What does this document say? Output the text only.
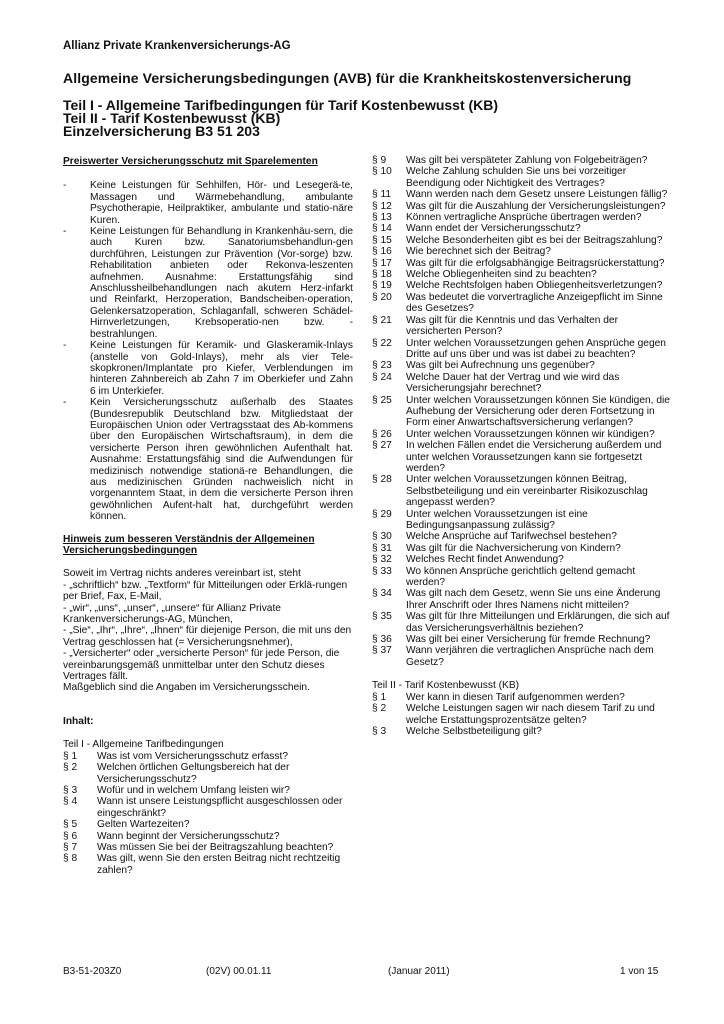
Allianz Private Krankenversicherungs-AG
Allgemeine Versicherungsbedingungen (AVB) für die Krankheitskostenversicherung
Teil I - Allgemeine Tarifbedingungen für Tarif Kostenbewusst (KB)
Teil II - Tarif Kostenbewusst (KB)
Einzelversicherung B3 51 203
Preiswerter Versicherungsschutz mit Sparelementen
-	Keine Leistungen für Sehhilfen, Hör- und Lesegerä-te, Massagen und Wärmebehandlung, ambulante Psychotherapie, Heilpraktiker, ambulante und statio-näre Kuren.
-	Keine Leistungen für Behandlung in Krankenhäu-sern, die auch Kuren bzw. Sanatoriumsbehandlun-gen durchführen, Leistungen zur Prävention (Vor-sorge) bzw. Rehabilitation anbieten oder Rekonva-leszenten aufnehmen. Ausnahme: Erstattungsfähig sind Anschlussheilbehandlungen nach akutem Herz-infarkt und Reinfarkt, Herzoperation, Bandscheiben-operation, Gelenkersatzoperation, Schlaganfall, schweren Schädel-Hirnverletzungen, Krebsoperatio-nen bzw. -bestrahlungen.
-	Keine Leistungen für Keramik- und Glaskeramik-Inlays (anstelle von Gold-Inlays), mehr als vier Tele-skopkronen/Implantate pro Kiefer, Verblendungen im hinteren Zahnbereich ab Zahn 7 im Oberkiefer und Zahn 6 im Unterkiefer.
-	Kein Versicherungsschutz außerhalb des Staates (Bundesrepublik Deutschland bzw. Mitgliedstaat der Europäischen Union oder Vertragsstaat des Ab-kommens über den Europäischen Wirtschaftsraum), in dem die versicherte Person ihren gewöhnlichen Aufenthalt hat. Ausnahme: Erstattungsfähig sind die Aufwendungen für medizinisch notwendige stationä-re Behandlungen, die aus medizinischen Gründen nachweislich nicht in vorgenanntem Staat, in dem die versicherte Person ihren gewöhnlichen Aufent-halt hat, durchgeführt werden können.
Hinweis zum besseren Verständnis der Allgemeinen Versicherungsbedingungen

Soweit im Vertrag nichts anderes vereinbart ist, steht

- „schriftlich“ bzw. „Textform“ für Mitteilungen oder Erklä-rungen per Brief, Fax, E-Mail,

- „wir“, „uns“, „unser“, „unsere“ für Allianz Private Krankenversicherungs-AG, München,

- „Sie“, „Ihr“, „Ihre“, „Ihnen“ für diejenige Person, die mit uns den Vertrag geschlossen hat (= Versicherungsnehmer),

- „Versicherter“ oder „versicherte Person“ für jede Person, die vereinbarungsgemäß unmittelbar unter den Schutz dieses Vertrages fällt.

Maßgeblich sind die Angaben im Versicherungsschein.

Inhalt:
Teil I - Allgemeine Tarifbedingungen
§ 1	Was ist vom Versicherungsschutz erfasst?
§ 2	Welchen örtlichen Geltungsbereich hat der Versicherungsschutz?
§ 3	Wofür und in welchem Umfang leisten wir?
§ 4	Wann ist unsere Leistungspflicht ausgeschlossen oder eingeschränkt?
§ 5	Gelten Wartezeiten?
§ 6	Wann beginnt der Versicherungsschutz?
§ 7	Was müssen Sie bei der Beitragszahlung beachten?
§ 8	Was gilt, wenn Sie den ersten Beitrag nicht rechtzeitig zahlen?
§ 9	Was gilt bei verspäteter Zahlung von Folgebeiträgen?
§ 10	Welche Zahlung schulden Sie uns bei vorzeitiger Beendigung oder Nichtigkeit des Vertrages?
§ 11	Wann werden nach dem Gesetz unsere Leistungen fällig?
§ 12	Was gilt für die Auszahlung der Versicherungsleistungen?
§ 13	Können vertragliche Ansprüche übertragen werden?
§ 14	Wann endet der Versicherungsschutz?
§ 15	Welche Besonderheiten gibt es bei der Beitragszahlung?
§ 16	Wie berechnet sich der Beitrag?
§ 17	Was gilt für die erfolgsabhängige Beitragsrückerstattung?
§ 18	Welche Obliegenheiten sind zu beachten?
§ 19	Welche Rechtsfolgen haben Obliegenheitsverletzungen?
§ 20	Was bedeutet die vorvertragliche Anzeigepflicht im Sinne des Gesetzes?
§ 21	Was gilt für die Kenntnis und das Verhalten der versicherten Person?
§ 22	Unter welchen Voraussetzungen gehen Ansprüche gegen Dritte auf uns über und was ist dabei zu beachten?
§ 23	Was gilt bei Aufrechnung uns gegenüber?
§ 24	Welche Dauer hat der Vertrag und wie wird das Versicherungsjahr berechnet?
§ 25	Unter welchen Voraussetzungen können Sie kündigen, die Aufhebung der Versicherung oder deren Fortsetzung in Form einer Anwartschaftsversicherung verlangen?
§ 26	Unter welchen Voraussetzungen können wir kündigen?
§ 27	In welchen Fällen endet die Versicherung außerdem und unter welchen Voraussetzungen kann sie fortgesetzt werden?
§ 28	Unter welchen Voraussetzungen können Beitrag, Selbstbeteiligung und ein vereinbarter Risikozuschlag angepasst werden?
§ 29	Unter welchen Voraussetzungen ist eine Bedingungsanpassung zulässig?
§ 30	Welche Ansprüche auf Tarifwechsel bestehen?
§ 31	Was gilt für die Nachversicherung von Kindern?
§ 32	Welches Recht findet Anwendung?
§ 33	Wo können Ansprüche gerichtlich geltend gemacht werden?
§ 34	Was gilt nach dem Gesetz, wenn Sie uns eine Änderung Ihrer Anschrift oder Ihres Namens nicht mitteilen?
§ 35	Was gilt für Ihre Mitteilungen und Erklärungen, die sich auf das Versicherungsverhältnis beziehen?
§ 36	Was gilt bei einer Versicherung für fremde Rechnung?
§ 37	Wann verjähren die vertraglichen Ansprüche nach dem Gesetz?
Teil II - Tarif Kostenbewusst (KB)
§ 1	Wer kann in diesen Tarif aufgenommen werden?
§ 2	Welche Leistungen sagen wir nach diesem Tarif zu und welche Erstattungsprozentsätze gelten?
§ 3	Welche Selbstbeteiligung gilt?
B3-51-203Z0	(02V) 00.01.11	(Januar 2011)	1 von 15
